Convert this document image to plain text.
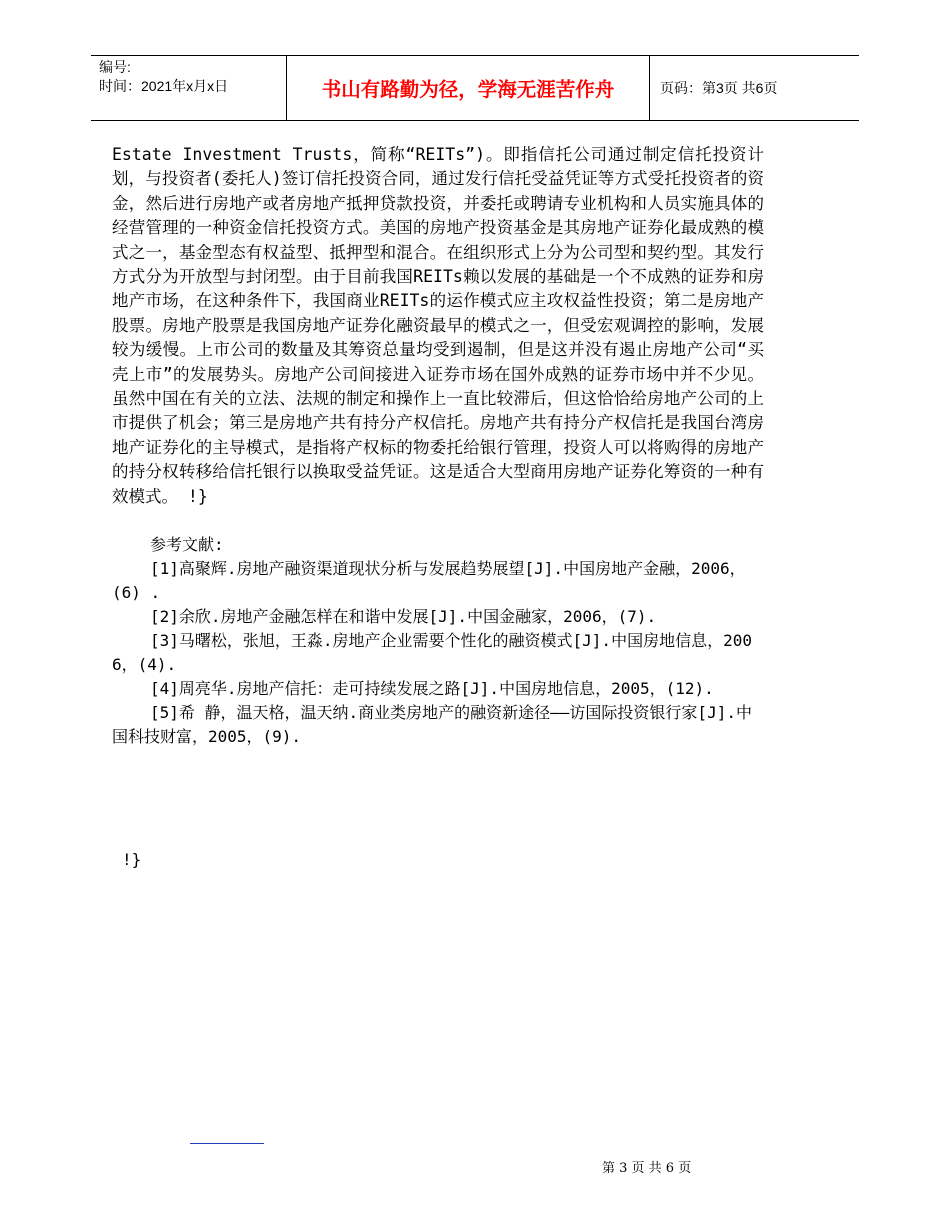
编号:
时间：2021年x月x日	书山有路勤为径，学海无涯苦作舟	页码：第3页 共6页

Estate Investment Trusts，简称“REITs”)。即指信托公司通过制定信托投资计划，与投资者(委托人)签订信托投资合同，通过发行信托受益凭证等方式受托投资者的资金，然后进行房地产或者房地产抵押贷款投资，并委托或聘请专业机构和人员实施具体的经营管理的一种资金信托投资方式。美国的房地产投资基金是其房地产证券化最成熟的模式之一，基金型态有权益型、抵押型和混合。在组织形式上分为公司型和契约型。其发行方式分为开放型与封闭型。由于目前我国REITs赖以发展的基础是一个不成熟的证券和房地产市场，在这种条件下，我国商业REITs的运作模式应主攻权益性投资；第二是房地产股票。房地产股票是我国房地产证券化融资最早的模式之一，但受宏观调控的影响，发展较为缓慢。上市公司的数量及其筹资总量均受到遏制，但是这并没有遏止房地产公司“买壳上市”的发展势头。房地产公司间接进入证券市场在国外成熟的证券市场中并不少见。虽然中国在有关的立法、法规的制定和操作上一直比较滞后，但这恰恰给房地产公司的上市提供了机会；第三是房地产共有持分产权信托。房地产共有持分产权信托是我国台湾房地产证券化的主导模式，是指将产权标的物委托给银行管理，投资人可以将购得的房地产的持分权转移给信托银行以换取受益凭证。这是适合大型商用房地产证券化筹资的一种有效模式。 !}

参考文献:

[1]高聚辉.房地产融资渠道现状分析与发展趋势展望[J].中国房地产金融，2006，(6) .

[2]余欣.房地产金融怎样在和谐中发展[J].中国金融家，2006，(7).

[3]马曙松，张旭，王淼.房地产企业需要个性化的融资模式[J].中国房地信息，2006，(4).

[4]周亮华.房地产信托：走可持续发展之路[J].中国房地信息，2005，(12).

[5]希 静，温天格，温天纳.商业类房地产的融资新途径——访国际投资银行家[J].中国科技财富，2005，(9).

!}
第 3 页 共 6 页
